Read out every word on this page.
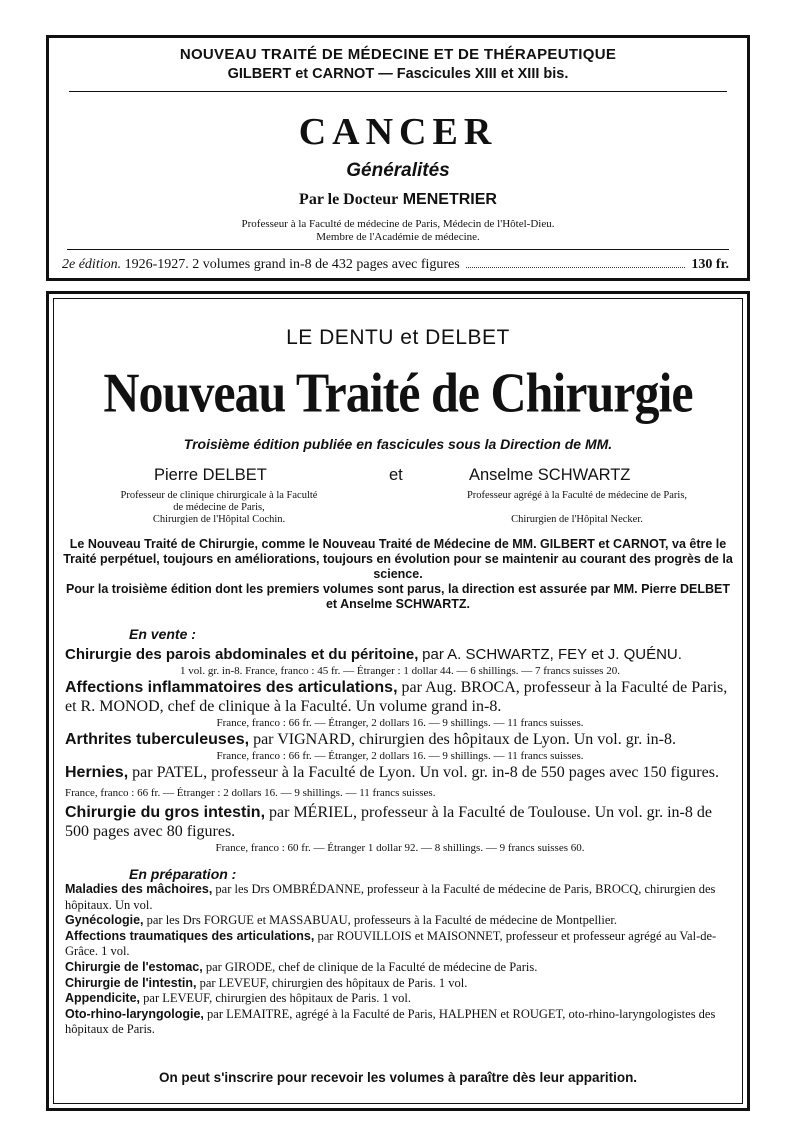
NOUVEAU TRAITÉ DE MÉDECINE ET DE THÉRAPEUTIQUE
GILBERT et CARNOT — Fascicules XIII et XIII bis.
CANCER
Généralités
Par le Docteur MENETRIER
Professeur à la Faculté de médecine de Paris, Médecin de l'Hôtel-Dieu.
Membre de l'Académie de médecine.
2e édition.
1926-1927. 2 volumes grand in-8 de 432 pages avec figures	130 fr.
LE DENTU et DELBET
Nouveau Traité de Chirurgie
Troisième édition publiée en fascicules sous la Direction de MM.
Pierre DELBET	et	Anselme SCHWARTZ
Professeur de clinique chirurgicale à la Faculté
de médecine de Paris,
Chirurgien de l'Hôpital Cochin.
Professeur agrégé à la Faculté de médecine de Paris,
Chirurgien de l'Hôpital Necker.
Le Nouveau Traité de Chirurgie, comme le Nouveau Traité de Médecine de MM. GILBERT et CARNOT, va être le Traité perpétuel, toujours en améliorations, toujours en évolution pour se maintenir au courant des progrès de la science.
Pour la troisième édition dont les premiers volumes sont parus, la direction est assurée par MM. Pierre DELBET et Anselme SCHWARTZ.
En vente :
Chirurgie des parois abdominales et du péritoine, par A. SCHWARTZ, FEY et J. QUÉNU.
1 vol. gr. in-8. France, franco : 45 fr. — Étranger : 1 dollar 44. — 6 shillings. — 7 francs suisses 20.
Affections inflammatoires des articulations, par Aug. BROCA, professeur à la Faculté de Paris, et R. MONOD, chef de clinique à la Faculté. Un volume grand in-8.
France, franco : 66 fr. — Étranger, 2 dollars 16. — 9 shillings. — 11 francs suisses.
Arthrites tuberculeuses, par VIGNARD, chirurgien des hôpitaux de Lyon. Un vol. gr. in-8.
France, franco : 66 fr. — Étranger, 2 dollars 16. — 9 shillings. — 11 francs suisses.
Hernies, par PATEL, professeur à la Faculté de Lyon. Un vol. gr. in-8 de 550 pages avec 150 figures. France, franco : 66 fr. — Étranger : 2 dollars 16. — 9 shillings. — 11 francs suisses.
Chirurgie du gros intestin, par MÉRIEL, professeur à la Faculté de Toulouse. Un vol. gr. in-8 de 500 pages avec 80 figures.
France, franco : 60 fr. — Étranger 1 dollar 92. — 8 shillings. — 9 francs suisses 60.
En préparation :
Maladies des mâchoires, par les Drs OMBRÉDANNE, professeur à la Faculté de médecine de Paris, BROCQ, chirurgien des hôpitaux. Un vol.
Gynécologie, par les Drs FORGUE et MASSABUAU, professeurs à la Faculté de médecine de Montpellier.
Affections traumatiques des articulations, par ROUVILLOIS et MAISONNET, professeur et professeur agrégé au Val-de-Grâce. 1 vol.
Chirurgie de l'estomac, par GIRODE, chef de clinique de la Faculté de médecine de Paris.
Chirurgie de l'intestin, par LEVEUF, chirurgien des hôpitaux de Paris. 1 vol.
Appendicite, par LEVEUF, chirurgien des hôpitaux de Paris. 1 vol.
Oto-rhino-laryngologie, par LEMAITRE, agrégé à la Faculté de Paris, HALPHEN et ROUGET, oto-rhino-laryngologistes des hôpitaux de Paris.
On peut s'inscrire pour recevoir les volumes à paraître dès leur apparition.
